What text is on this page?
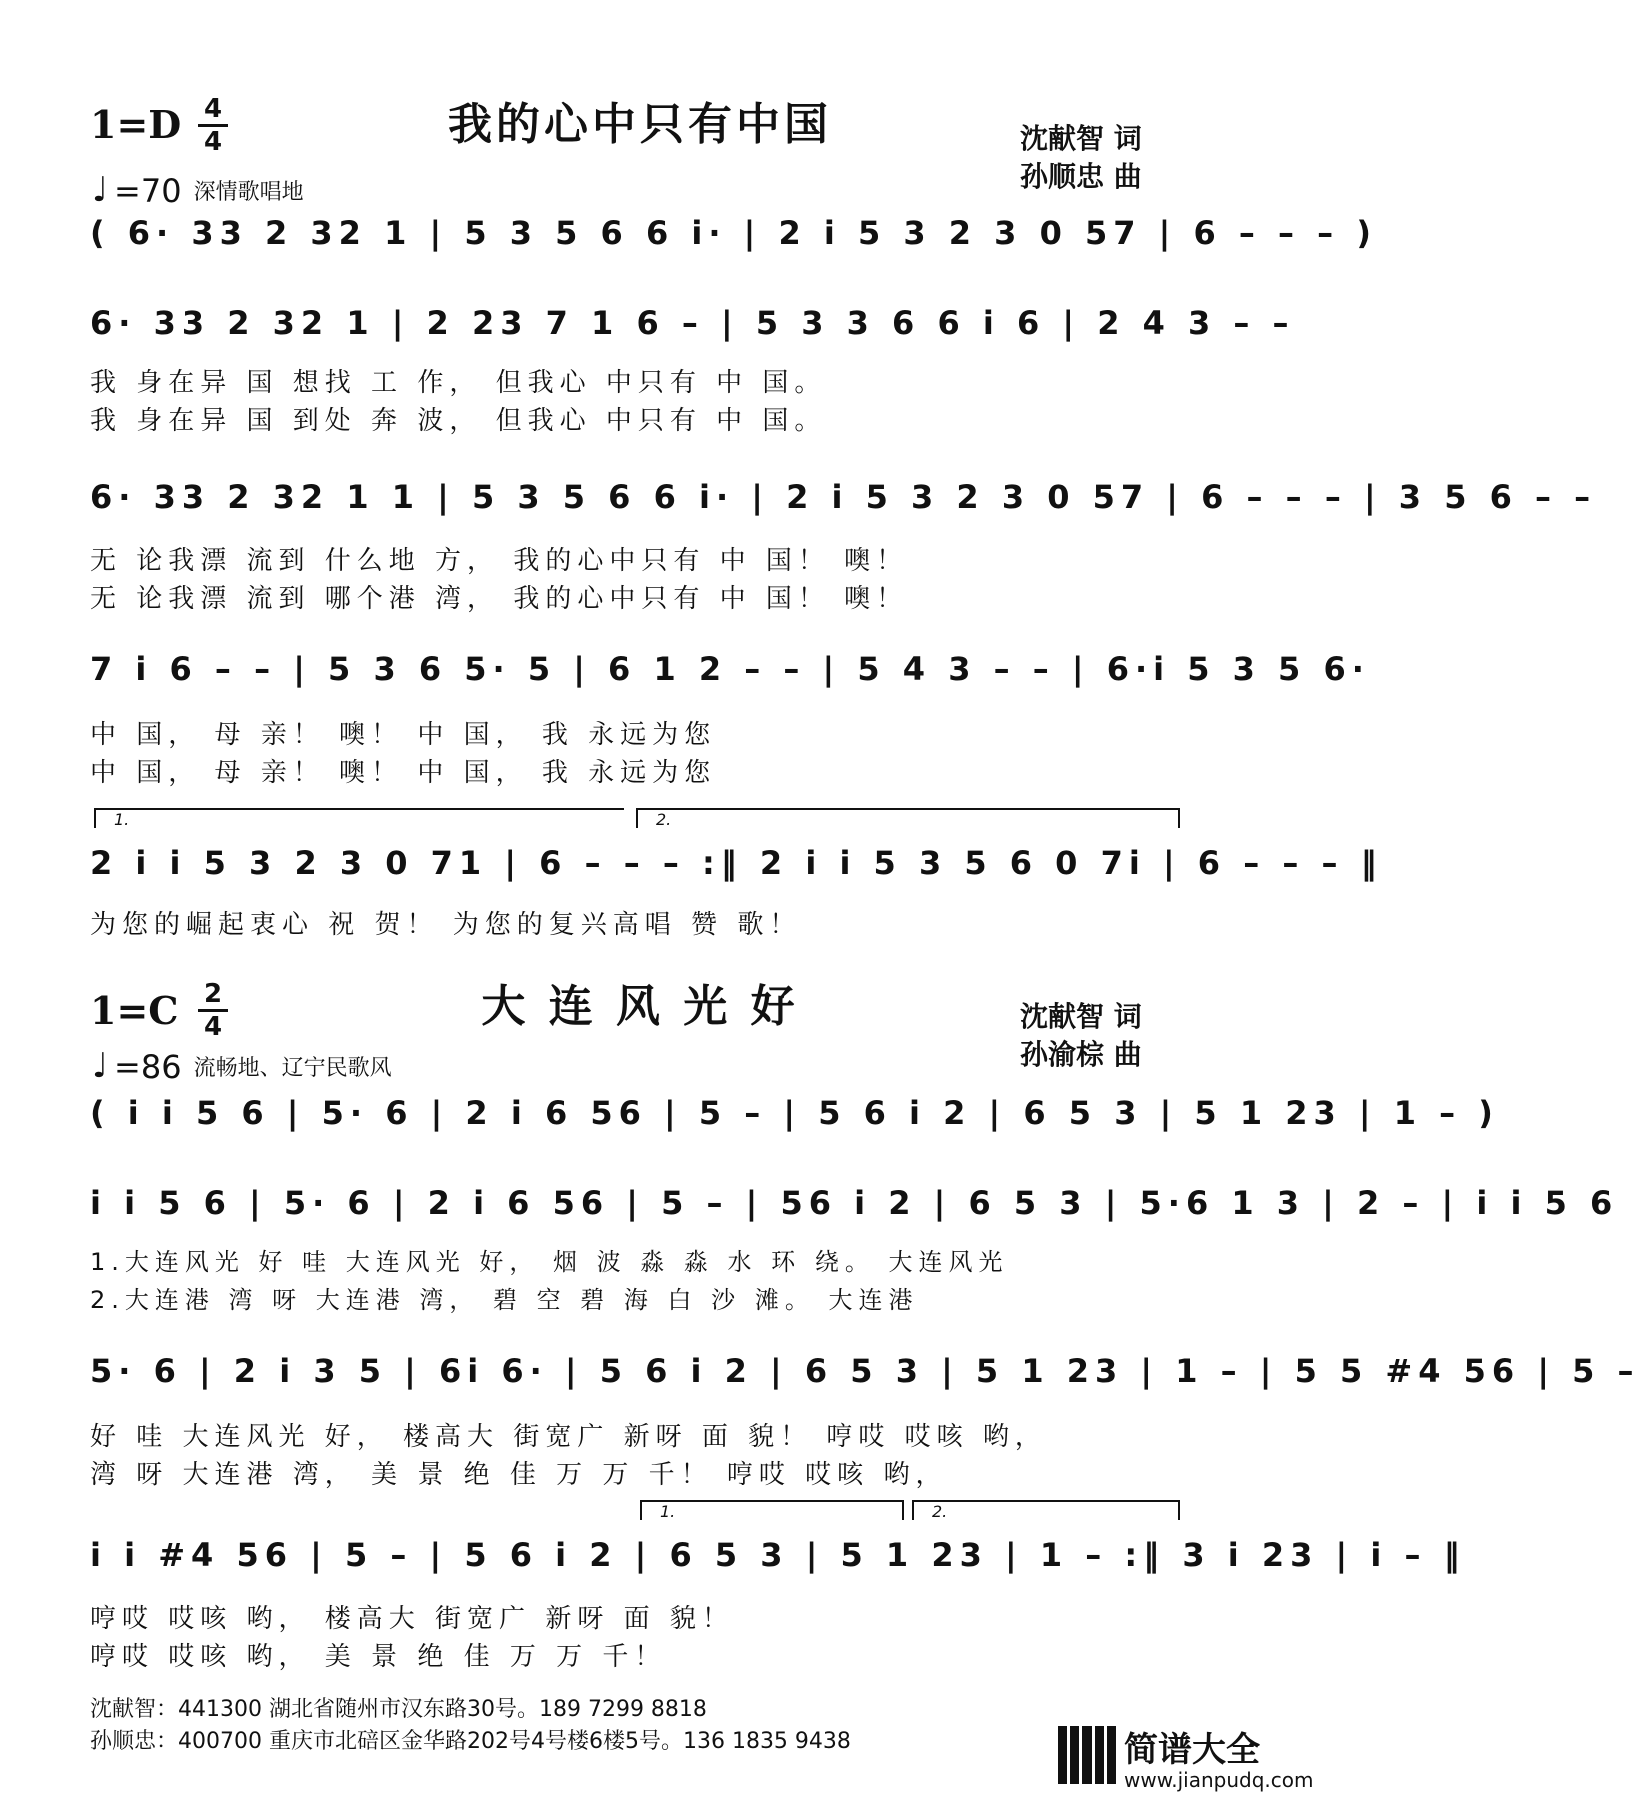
1=D 4
4	我的心中只有中国	沈献智 词
孙顺忠 曲
♩ =70 深情歌唱地
( 6· 33 2 32 1 | 5 3 5 6 6 i· | 2 i 5 3 2 3 0 57 | 6 – – – )
6· 33 2 32 1 | 2 23 7 1 6 – | 5 3 3 6 6 i 6 | 2 4 3 – –
我 身在异 国 想找 工 作， 但我心 中只有 中 国。
我 身在异 国 到处 奔 波， 但我心 中只有 中 国。
6· 33 2 32 1 1 | 5 3 5 6 6 i· | 2 i 5 3 2 3 0 57 | 6 – – – | 3 5 6 – –
无 论我漂 流到 什么地 方， 我的心中只有 中 国！ 噢！
无 论我漂 流到 哪个港 湾， 我的心中只有 中 国！ 噢！
7 i 6 – – | 5 3 6 5· 5 | 6 1 2 – – | 5 4 3 – – | 6·i 5 3 5 6·
中 国， 母 亲！ 噢！ 中 国， 我 永远为您
中 国， 母 亲！ 噢！ 中 国， 我 永远为您
1.	2.
2 i i 5 3 2 3 0 71 | 6 – – – :‖ 2 i i 5 3 5 6 0 7i | 6 – – – ‖
为您的崛起衷心 祝 贺！ 为您的复兴高唱 赞 歌！
1=C 2
4	大 连 风 光 好	沈献智 词
孙渝棕 曲
♩ =86 流畅地、辽宁民歌风
( i i 5 6 | 5· 6 | 2 i 6 56 | 5 – | 5 6 i 2 | 6 5 3 | 5 1 23 | 1 – )
i i 5 6 | 5· 6 | 2 i 6 56 | 5 – | 56 i 2 | 6 5 3 | 5·6 1 3 | 2 – | i i 5 6
1.大连风光 好 哇 大连风光 好， 烟 波 淼 淼 水 环 绕。 大连风光
2.大连港 湾 呀 大连港 湾， 碧 空 碧 海 白 沙 滩。 大连港
5· 6 | 2 i 3 5 | 6i 6· | 5 6 i 2 | 6 5 3 | 5 1 23 | 1 – | 5 5 #4 56 | 5 –
好 哇 大连风光 好， 楼高大 街宽广 新呀 面 貌！ 哼哎 哎咳 哟，
湾 呀 大连港 湾， 美 景 绝 佳 万 万 千！ 哼哎 哎咳 哟，
1.	2.
i i #4 56 | 5 – | 5 6 i 2 | 6 5 3 | 5 1 23 | 1 – :‖ 3 i 23 | i – ‖
哼哎 哎咳 哟， 楼高大 街宽广 新呀 面 貌！
哼哎 哎咳 哟， 美 景 绝 佳 万 万 千！
沈献智：441300 湖北省随州市汉东路30号。189 7299 8818
孙顺忠：400700 重庆市北碚区金华路202号4号楼6楼5号。136 1835 9438	简谱大全
www.jianpudq.com
